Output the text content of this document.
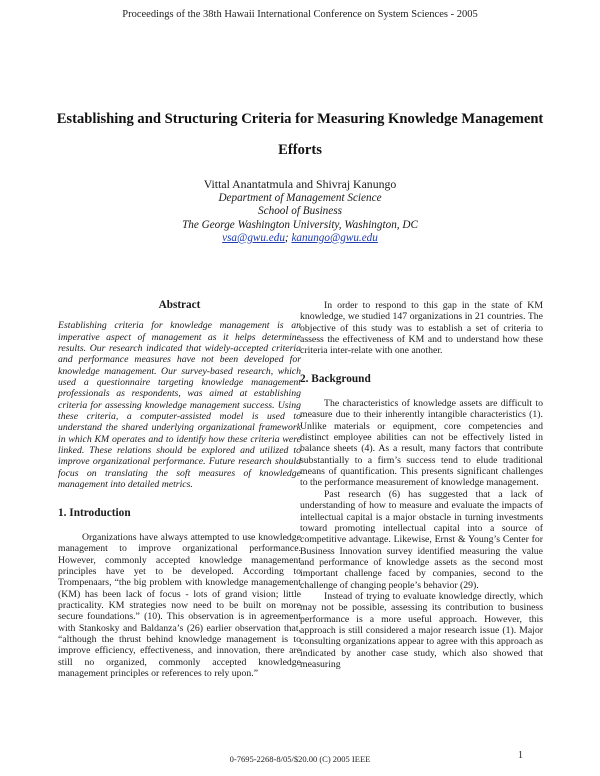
Proceedings of the 38th Hawaii International Conference on System Sciences - 2005
Establishing and Structuring Criteria for Measuring Knowledge Management
Efforts
Vittal Anantatmula and Shivraj Kanungo
Department of Management Science
School of Business
The George Washington University, Washington, DC
vsa@gwu.edu; kanungo@gwu.edu
Abstract

Establishing criteria for knowledge management is an imperative aspect of management as it helps determine results. Our research indicated that widely-accepted criteria and performance measures have not been developed for knowledge management. Our survey-based research, which used a questionnaire targeting knowledge management professionals as respondents, was aimed at establishing criteria for assessing knowledge management success. Using these criteria, a computer-assisted model is used to understand the shared underlying organizational framework in which KM operates and to identify how these criteria were linked. These relations should be explored and utilized to improve organizational performance. Future research should focus on translating the soft measures of knowledge management into detailed metrics.

1. Introduction

Organizations have always attempted to use knowledge management to improve organizational performance. However, commonly accepted knowledge management principles have yet to be developed. According to Trompenaars, “the big problem with knowledge management (KM) has been lack of focus - lots of grand vision; little practicality. KM strategies now need to be built on more secure foundations.” (10). This observation is in agreement with Stankosky and Baldanza’s (26) earlier observation that, “although the thrust behind knowledge management is to improve efficiency, effectiveness, and innovation, there are still no organized, commonly accepted knowledge management principles or references to rely upon.”

In order to respond to this gap in the state of KM knowledge, we studied 147 organizations in 21 countries. The objective of this study was to establish a set of criteria to assess the effectiveness of KM and to understand how these criteria inter-relate with one another.

2. Background

The characteristics of knowledge assets are difficult to measure due to their inherently intangible characteristics (1). Unlike materials or equipment, core competencies and distinct employee abilities can not be effectively listed in balance sheets (4). As a result, many factors that contribute substantially to a firm’s success tend to elude traditional means of quantification. This presents significant challenges to the performance measurement of knowledge management.

Past research (6) has suggested that a lack of understanding of how to measure and evaluate the impacts of intellectual capital is a major obstacle in turning investments toward promoting intellectual capital into a source of competitive advantage. Likewise, Ernst & Young’s Center for Business Innovation survey identified measuring the value and performance of knowledge assets as the second most important challenge faced by companies, second to the challenge of changing people’s behavior (29).

Instead of trying to evaluate knowledge directly, which may not be possible, assessing its contribution to business performance is a more useful approach. However, this approach is still considered a major research issue (1). Major consulting organizations appear to agree with this approach as indicated by another case study, which also showed that measuring

0-7695-2268-8/05/$20.00 (C) 2005 IEEE	1
